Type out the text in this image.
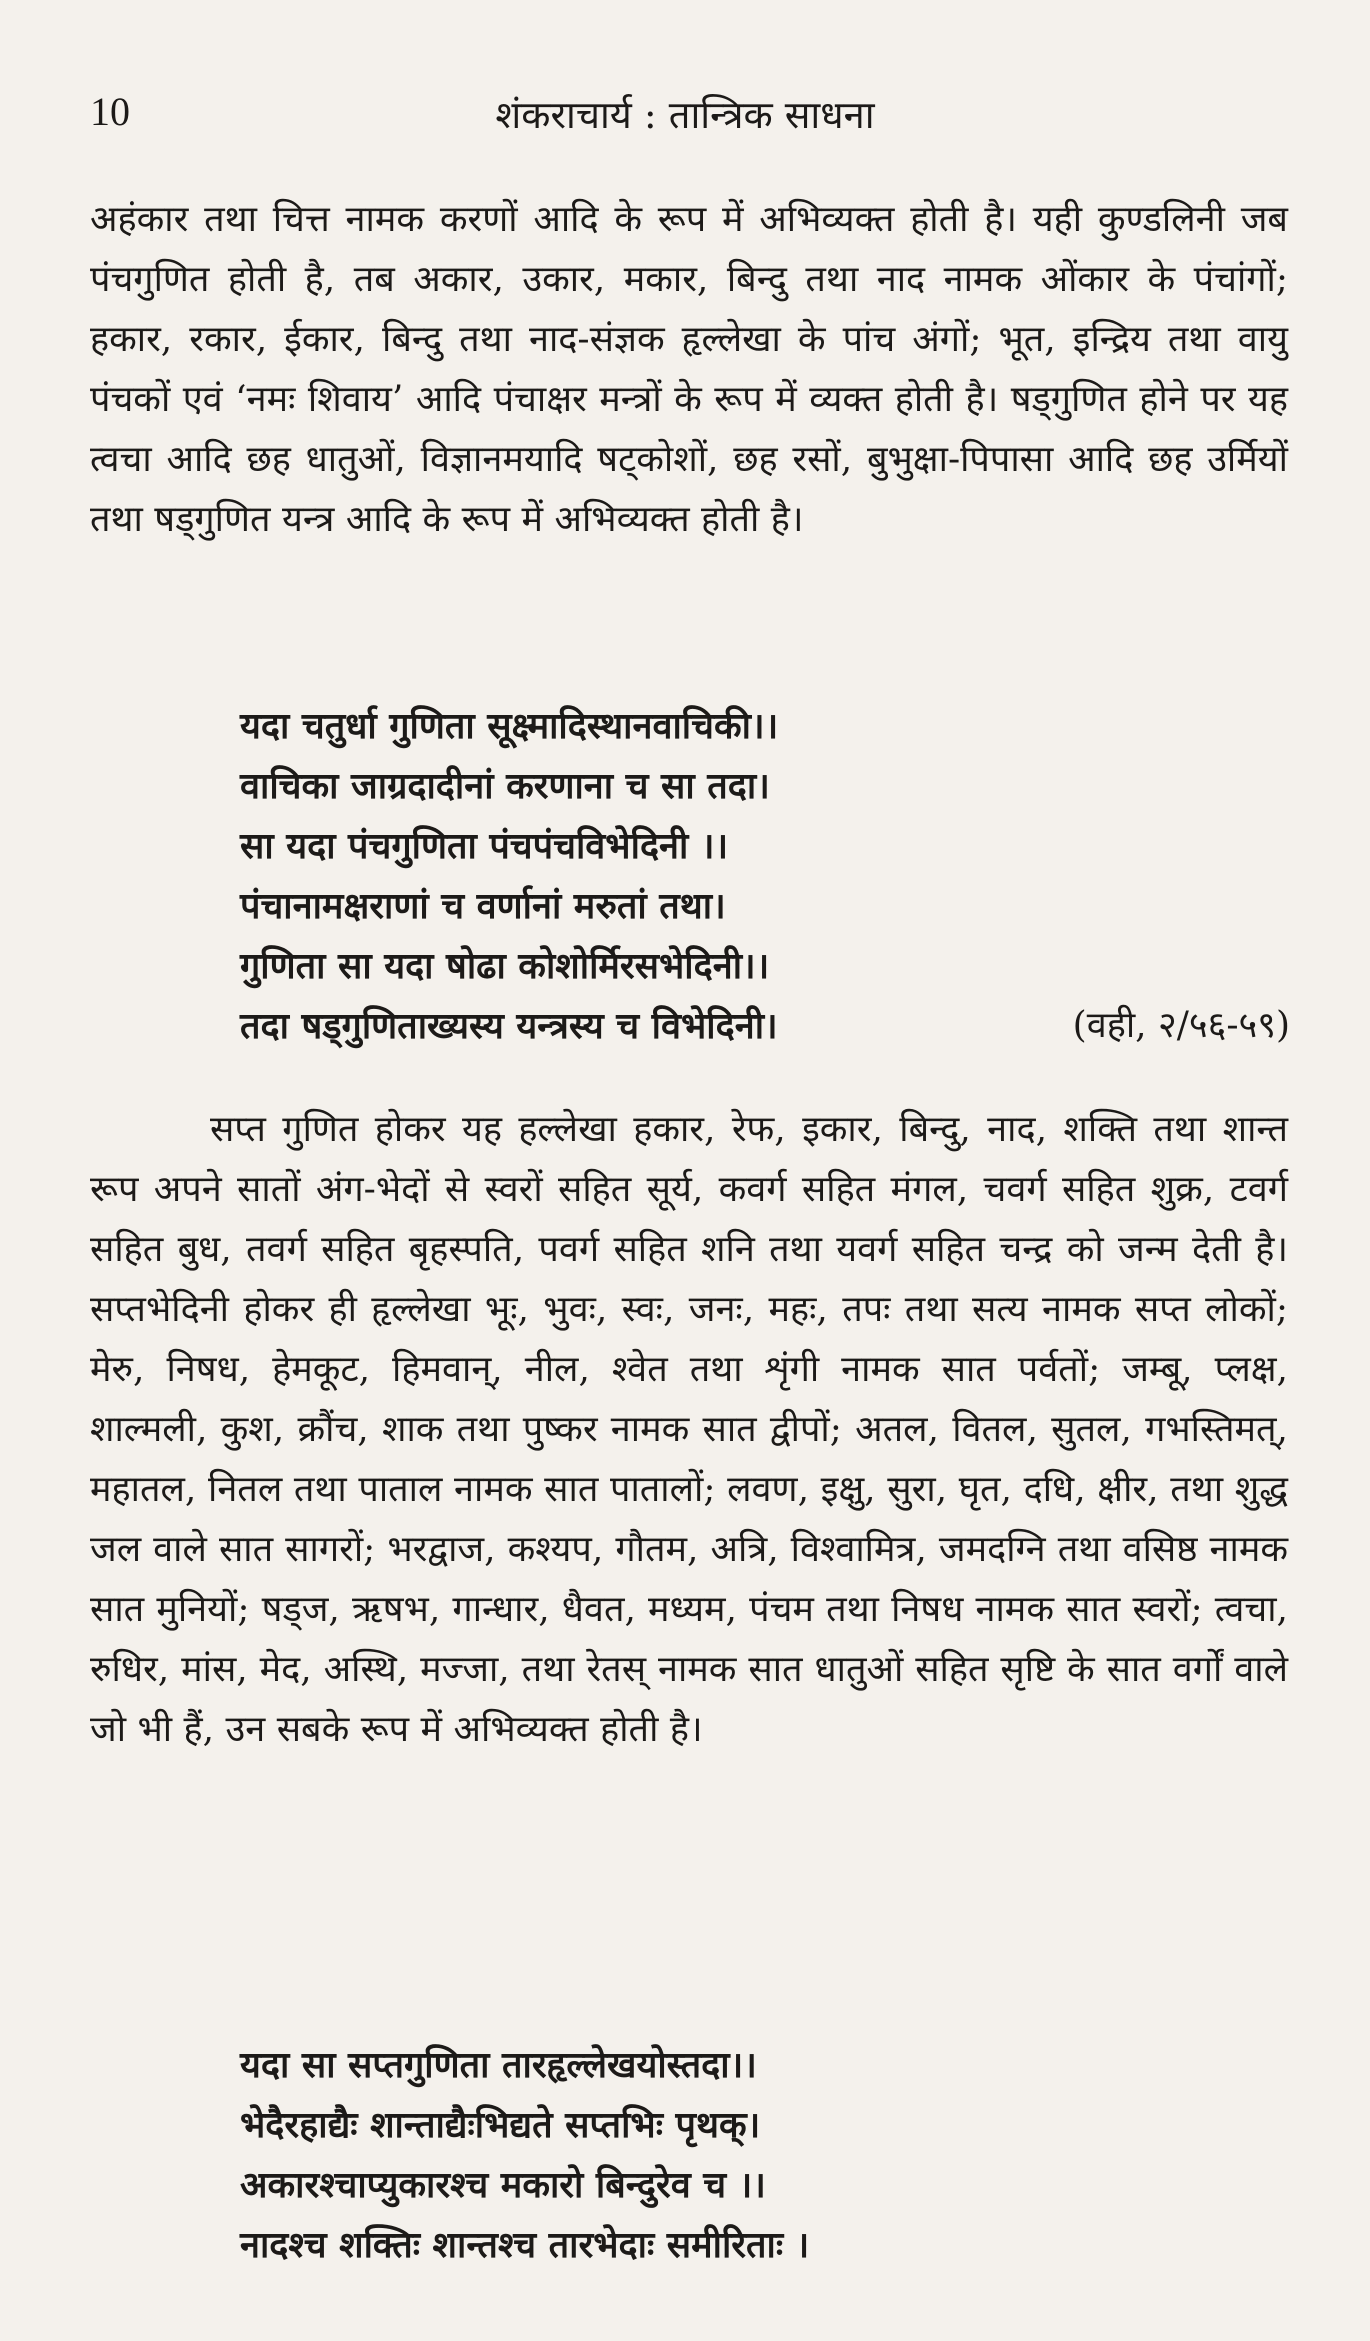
10	शंकराचार्य : तान्त्रिक साधना

अहंकार तथा चित्त नामक करणों आदि के रूप में अभिव्यक्त होती है। यही कुण्डलिनी जब पंचगुणित होती है, तब अकार, उकार, मकार, बिन्दु तथा नाद नामक ओंकार के पंचांगों; हकार, रकार, ईकार, बिन्दु तथा नाद-संज्ञक हृल्लेखा के पांच अंगों; भूत, इन्द्रिय तथा वायु पंचकों एवं ‘नमः शिवाय’ आदि पंचाक्षर मन्त्रों के रूप में व्यक्त होती है। षड्गुणित होने पर यह त्वचा आदि छह धातुओं, विज्ञानमयादि षट्कोशों, छह रसों, बुभुक्षा-पिपासा आदि छह उर्मियों तथा षड्गुणित यन्त्र आदि के रूप में अभिव्यक्त होती है।

यदा चतुर्धा गुणिता सूक्ष्मादिस्थानवाचिकी।।
वाचिका जाग्रदादीनां करणाना च सा तदा।
सा यदा पंचगुणिता पंचपंचविभेदिनी ।।
पंचानामक्षराणां च वर्णानां मरुतां तथा।
गुणिता सा यदा षोढा कोशोर्मिरसभेदिनी।।
तदा षड्गुणिताख्यस्य यन्त्रस्य च विभेदिनी।	(वही, २/५६-५९)

सप्त गुणित होकर यह हल्लेखा हकार, रेफ, इकार, बिन्दु, नाद, शक्ति तथा शान्त रूप अपने सातों अंग-भेदों से स्वरों सहित सूर्य, कवर्ग सहित मंगल, चवर्ग सहित शुक्र, टवर्ग सहित बुध, तवर्ग सहित बृहस्पति, पवर्ग सहित शनि तथा यवर्ग सहित चन्द्र को जन्म देती है। सप्तभेदिनी होकर ही हृल्लेखा भूः, भुवः, स्वः, जनः, महः, तपः तथा सत्य नामक सप्त लोकों; मेरु, निषध, हेमकूट, हिमवान्, नील, श्वेत तथा शृंगी नामक सात पर्वतों; जम्बू, प्लक्ष, शाल्मली, कुश, क्रौंच, शाक तथा पुष्कर नामक सात द्वीपों; अतल, वितल, सुतल, गभस्तिमत्, महातल, नितल तथा पाताल नामक सात पातालों; लवण, इक्षु, सुरा, घृत, दधि, क्षीर, तथा शुद्ध जल वाले सात सागरों; भरद्वाज, कश्यप, गौतम, अत्रि, विश्वामित्र, जमदग्नि तथा वसिष्ठ नामक सात मुनियों; षड्ज, ऋषभ, गान्धार, धैवत, मध्यम, पंचम तथा निषध नामक सात स्वरों; त्वचा, रुधिर, मांस, मेद, अस्थि, मज्जा, तथा रेतस् नामक सात धातुओं सहित सृष्टि के सात वर्गों वाले जो भी हैं, उन सबके रूप में अभिव्यक्त होती है।

यदा सा सप्तगुणिता तारहृल्लेखयोस्तदा।।
भेदैरहाद्यैः शान्ताद्यैःभिद्यते सप्तभिः पृथक्।
अकारश्चाप्युकारश्च मकारो बिन्दुरेव च ।।
नादश्च शक्तिः शान्तश्च तारभेदाः समीरिताः ।
